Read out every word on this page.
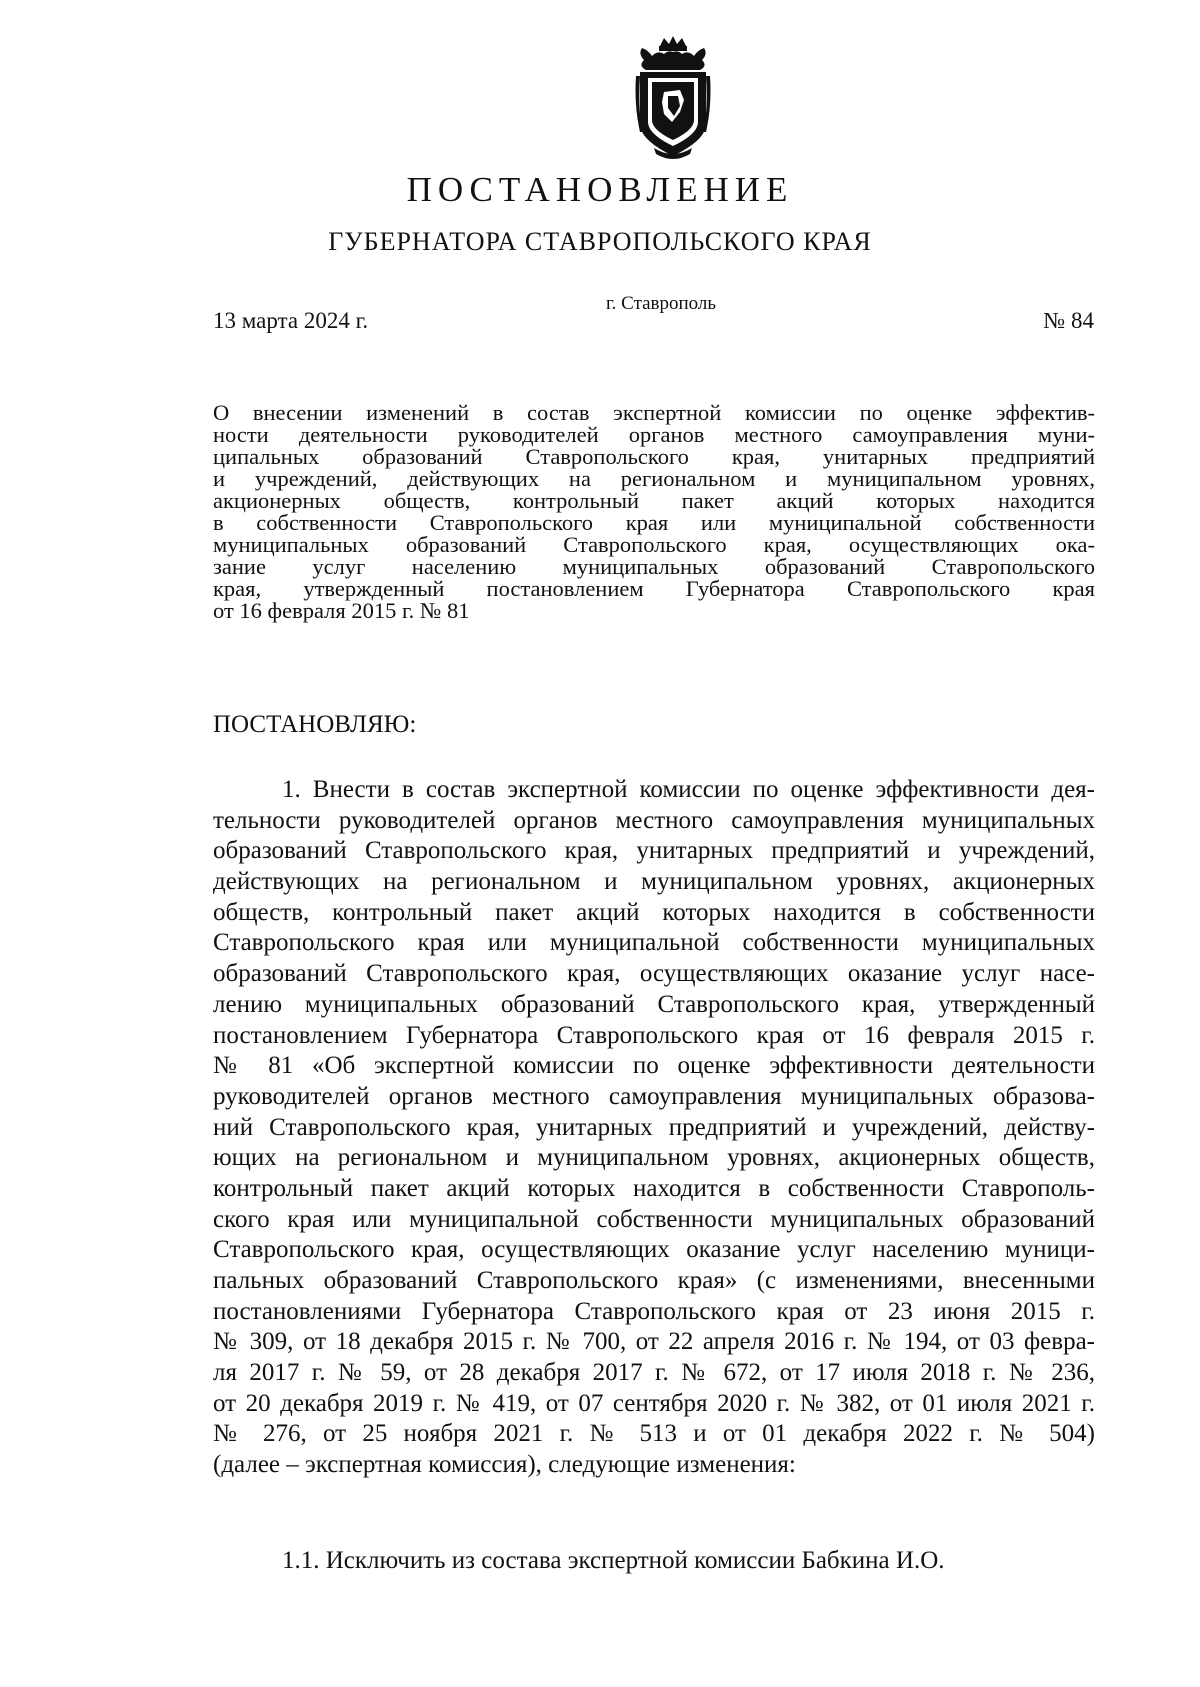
ПОСТАНОВЛЕНИЕ
ГУБЕРНАТОРА СТАВРОПОЛЬСКОГО КРАЯ
13 марта 2024 г.
г. Ставрополь
№ 84
О внесении изменений в состав экспертной комиссии по оценке эффектив-
ности деятельности руководителей органов местного самоуправления муни-
ципальных образований Ставропольского края, унитарных предприятий
и учреждений, действующих на региональном и муниципальном уровнях,
акционерных обществ, контрольный пакет акций которых находится
в собственности Ставропольского края или муниципальной собственности
муниципальных образований Ставропольского края, осуществляющих ока-
зание услуг населению муниципальных образований Ставропольского
края, утвержденный постановлением Губернатора Ставропольского края
от 16 февраля 2015 г. № 81
ПОСТАНОВЛЯЮ:
1. Внести в состав экспертной комиссии по оценке эффективности дея-
тельности руководителей органов местного самоуправления муниципальных
образований Ставропольского края, унитарных предприятий и учреждений,
действующих на региональном и муниципальном уровнях, акционерных
обществ, контрольный пакет акций которых находится в собственности
Ставропольского края или муниципальной собственности муниципальных
образований Ставропольского края, осуществляющих оказание услуг насе-
лению муниципальных образований Ставропольского края, утвержденный
постановлением Губернатора Ставропольского края от 16 февраля 2015 г.
№ 81 «Об экспертной комиссии по оценке эффективности деятельности
руководителей органов местного самоуправления муниципальных образова-
ний Ставропольского края, унитарных предприятий и учреждений, действу-
ющих на региональном и муниципальном уровнях, акционерных обществ,
контрольный пакет акций которых находится в собственности Ставрополь-
ского края или муниципальной собственности муниципальных образований
Ставропольского края, осуществляющих оказание услуг населению муници-
пальных образований Ставропольского края» (с изменениями, внесенными
постановлениями Губернатора Ставропольского края от 23 июня 2015 г.
№ 309, от 18 декабря 2015 г. № 700, от 22 апреля 2016 г. № 194, от 03 февра-
ля 2017 г. № 59, от 28 декабря 2017 г. № 672, от 17 июля 2018 г. № 236,
от 20 декабря 2019 г. № 419, от 07 сентября 2020 г. № 382, от 01 июля 2021 г.
№ 276, от 25 ноября 2021 г. № 513 и от 01 декабря 2022 г. № 504)
(далее – экспертная комиссия), следующие изменения:
1.1. Исключить из состава экспертной комиссии Бабкина И.О.
